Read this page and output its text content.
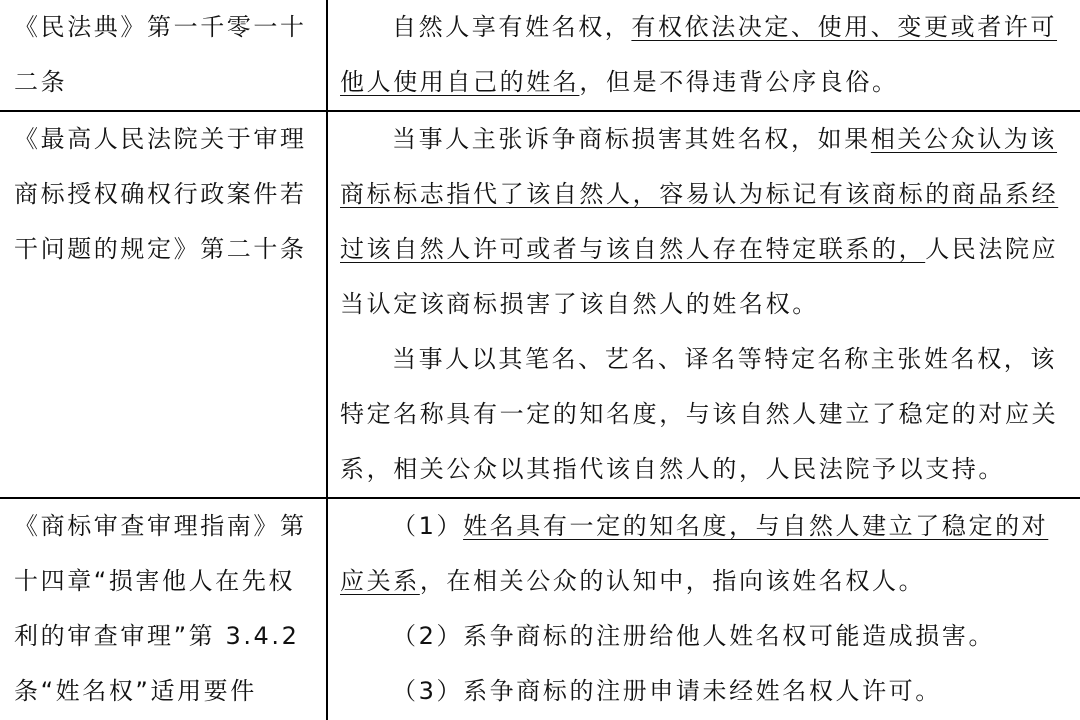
《民法典》第一千零一十二条	自然人享有姓名权，有权依法决定、使用、变更或者许可他人使用自己的姓名，但是不得违背公序良俗。

《最高人民法院关于审理商标授权确权行政案件若干问题的规定》第二十条	当事人主张诉争商标损害其姓名权，如果相关公众认为该商标标志指代了该自然人，容易认为标记有该商标的商品系经过该自然人许可或者与该自然人存在特定联系的，人民法院应当认定该商标损害了该自然人的姓名权。

当事人以其笔名、艺名、译名等特定名称主张姓名权，该特定名称具有一定的知名度，与该自然人建立了稳定的对应关系，相关公众以其指代该自然人的，人民法院予以支持。

《商标审查审理指南》第十四章“损害他人在先权利的审查审理”第 3.4.2 条“姓名权”适用要件	（1）姓名具有一定的知名度，与自然人建立了稳定的对应关系，在相关公众的认知中，指向该姓名权人。

（2）系争商标的注册给他人姓名权可能造成损害。

（3）系争商标的注册申请未经姓名权人许可。
